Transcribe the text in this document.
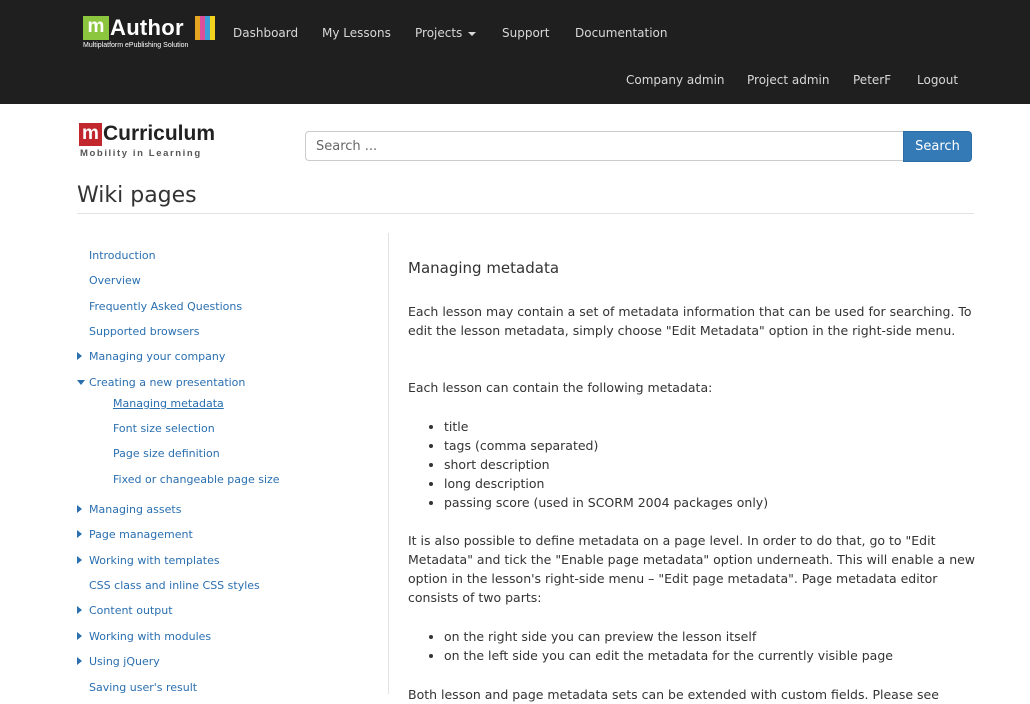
m Author
Multiplatform ePublishing Solution
Dashboard My Lessons Projects	Support Documentation
Company admin Project admin PeterF Logout
m Curriculum
Mobility in Learning
Search ...	Search
Wiki pages
Introduction
Overview
Frequently Asked Questions
Supported browsers
Managing your company
Creating a new presentation
Managing metadata
Font size selection
Page size definition
Fixed or changeable page size
Managing assets
Page management
Working with templates
CSS class and inline CSS styles
Content output
Working with modules
Using jQuery
Saving user's result
Managing metadata

Each lesson may contain a set of metadata information that can be used for searching. To edit the lesson metadata, simply choose "Edit Metadata" option in the right-side menu.

Each lesson can contain the following metadata:

• title
• tags (comma separated)
• short description
• long description
• passing score (used in SCORM 2004 packages only)

It is also possible to define metadata on a page level. In order to do that, go to "Edit Metadata" and tick the "Enable page metadata" option underneath. This will enable a new option in the lesson's right-side menu – "Edit page metadata". Page metadata editor consists of two parts:

• on the right side you can preview the lesson itself
• on the left side you can edit the metadata for the currently visible page

Both lesson and page metadata sets can be extended with custom fields. Please see
